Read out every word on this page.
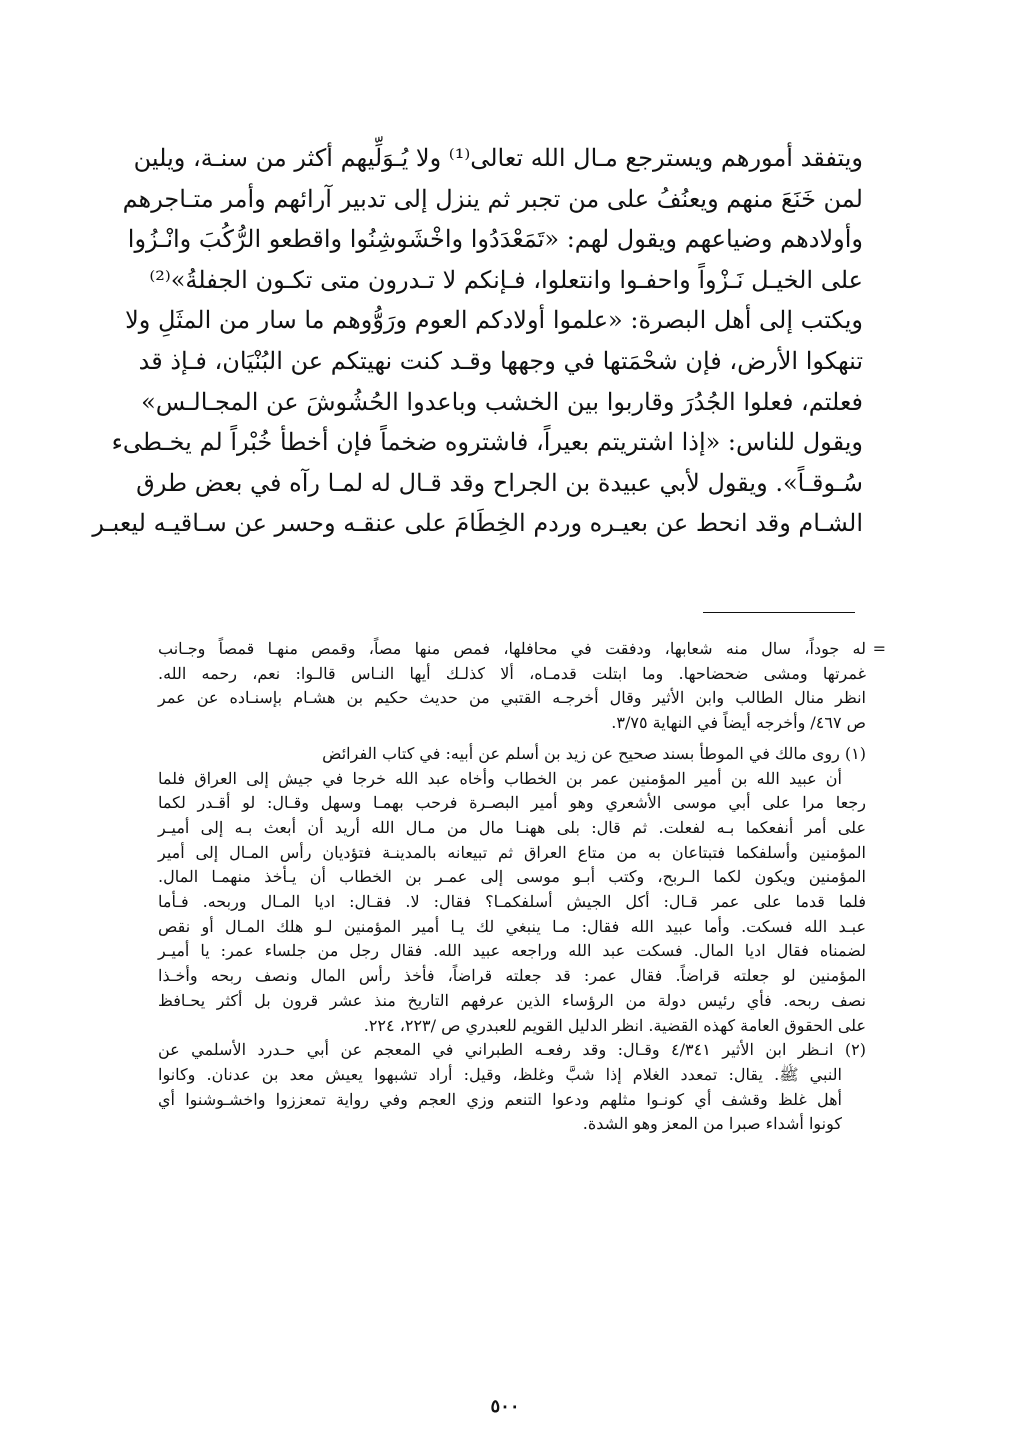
ويتفقد أمورهم ويسترجع مـال الله تعالى⁽¹⁾ ولا يُـوَلِّيهم أكثر من سنـة، ويلين
لمن خَنَعَ منهم ويعنُفُ على من تجبر ثم ينزل إلى تدبير آرائهم وأمر متـاجرهم
وأولادهم وضياعهم ويقول لهم: «تَمَعْدَدُوا واخْشَوشِنُوا واقطعو الرُّكُبَ وانْـزُوا
على الخيـل نَـزْواً واحفـوا وانتعلوا، فـإنكم لا تـدرون متى تكـون الجفلةُ»⁽²⁾
ويكتب إلى أهل البصرة: «علموا أولادكم العوم ورَوُّوهم ما سار من المثَلِ ولا
تنهكوا الأرض، فإن شحْمَتها في وجهها وقـد كنت نهيتكم عن البُنْيَان، فـإذ قد
فعلتم، فعلوا الجُدُرَ وقاربوا بين الخشب وباعدوا الحُشُوشَ عن المجـالـس»
ويقول للناس: «إذا اشتريتم بعيراً، فاشتروه ضخماً فإن أخطأ خُبْراً لم يخـطىء
سُـوقـاً». ويقول لأبي عبيدة بن الجراح وقد قـال له لمـا رآه في بعض طرق
الشـام وقد انحط عن بعيـره وردم الخِطَامَ على عنقـه وحسر عن سـاقيـه ليعبـر
=
له جوداً، سال منه شعابها، ودفقت في محافلها، فمص منها مصاً، وقمص منهـا قمصاً وجـانب
غمرتها ومشى ضحضاحها. وما ابتلت قدمـاه، ألا كذلـك أيها النـاس قالـوا: نعم، رحمه الله.
انظر منال الطالب وابن الأثير وقال أخرجـه القتبي من حديث حكيم بن هشـام بإسنـاده عن عمر
ص ٤٦٧/ وأخرجه أيضاً في النهاية ٣/٧٥.
(١) روى مالك في الموطأ بسند صحيح عن زيد بن أسلم عن أبيه: في كتاب الفرائض
أن عبيد الله بن أمير المؤمنين عمر بن الخطاب وأخاه عبد الله خرجا في جيش إلى العراق فلما
رجعا مرا على أبي موسى الأشعري وهو أمير البصـرة فرحب بهمـا وسهل وقـال: لو أقـدر لكما
على أمر أنفعكما بـه لفعلت. ثم قال: بلى ههنـا مال من مـال الله أريد أن أبعث بـه إلى أميـر
المؤمنين وأسلفكما فتبتاعان به من متاع العراق ثم تبيعانه بالمدينـة فتؤديان رأس المـال إلى أمير
المؤمنين ويكون لكما الـربح، وكتب أبـو موسى إلى عمـر بن الخطاب أن يـأخذ منهمـا المال.
فلما قدما على عمر قـال: أكل الجيش أسلفكمـا؟ فقال: لا. فقـال: اديا المـال وربحه. فـأما
عبـد الله فسكت. وأما عبيد الله فقال: مـا ينبغي لك يـا أمير المؤمنين لـو هلك المـال أو نقص
لضمناه فقال اديا المال. فسكت عبد الله وراجعه عبيد الله. فقال رجل من جلساء عمر: يا أميـر
المؤمنين لو جعلته قراضاً. فقال عمر: قد جعلته قراضاً، فأخذ رأس المال ونصف ربحه وأخـذا
نصف ربحه. فأي رئيس دولة من الرؤساء الذين عرفهم التاريخ منذ عشر قرون بل أكثر يحـافظ
على الحقوق العامة كهذه القضية. انظر الدليل القويم للعبدري ص /٢٢٣، ٢٢٤.
(٢) انـظر ابن الأثير ٤/٣٤١ وقـال: وقد رفعـه الطبراني في المعجم عن أبي حـدرد الأسلمي عن
النبي ﷺ. يقال: تمعدد الغلام إذا شبَّ وغلظ، وقيل: أراد تشبهوا يعيش معد بن عدنان. وكانوا
أهل غلظ وقشف أي كونـوا مثلهم ودعوا التنعم وزي العجم وفي رواية تمعززوا واخشـوشنوا أي
كونوا أشداء صبرا من المعز وهو الشدة.
٥٠٠
